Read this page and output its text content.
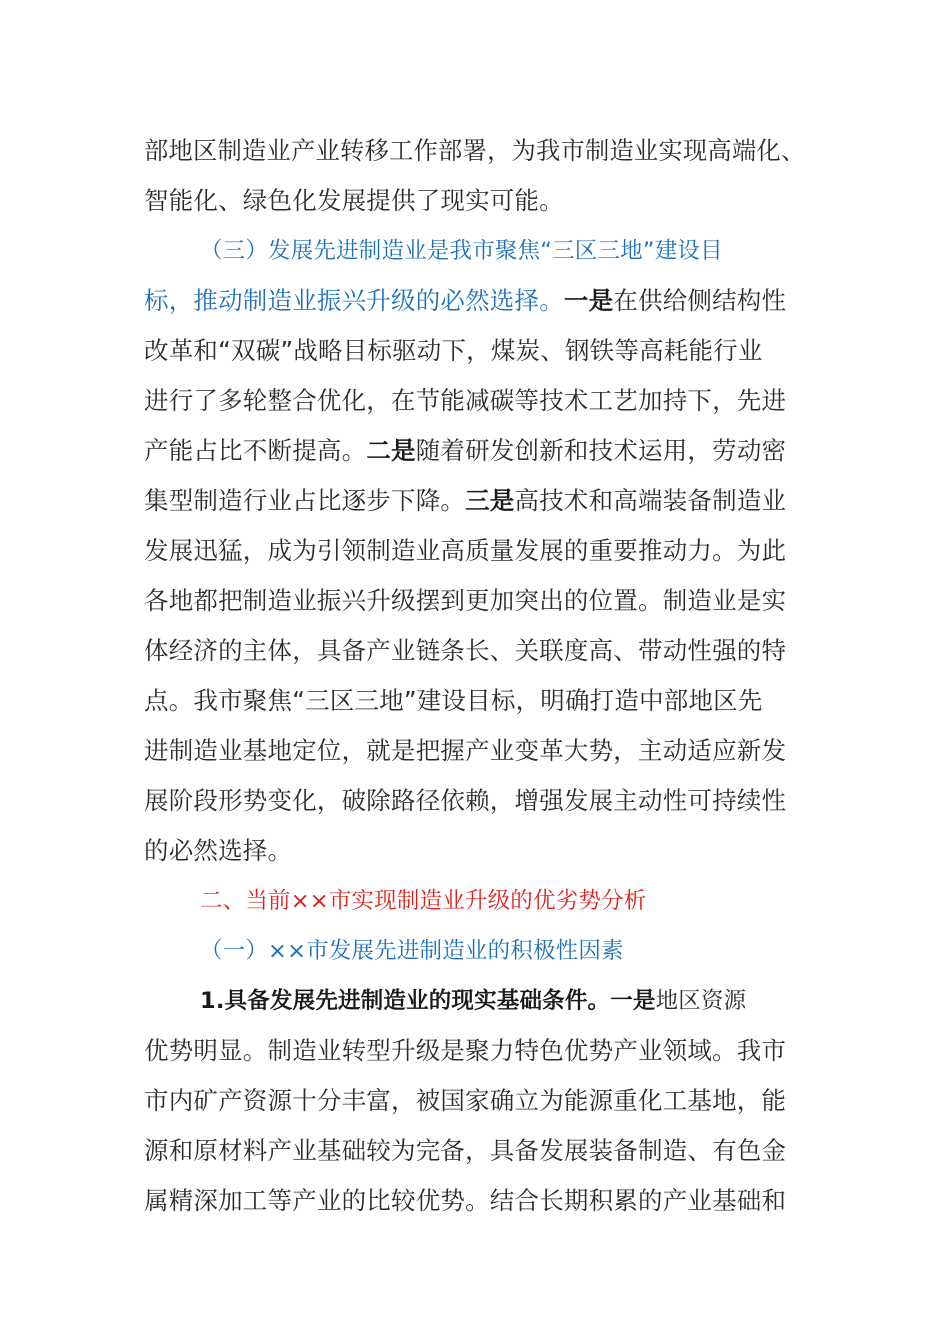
部地区制造业产业转移工作部署，为我市制造业实现高端化、
智能化、绿色化发展提供了现实可能。
（三）发展先进制造业是我市聚焦“三区三地”建设目
标，推动制造业振兴升级的必然选择。一是在供给侧结构性
改革和“双碳”战略目标驱动下，煤炭、钢铁等高耗能行业
进行了多轮整合优化，在节能减碳等技术工艺加持下，先进
产能占比不断提高。二是随着研发创新和技术运用，劳动密
集型制造行业占比逐步下降。三是高技术和高端装备制造业
发展迅猛，成为引领制造业高质量发展的重要推动力。为此
各地都把制造业振兴升级摆到更加突出的位置。制造业是实
体经济的主体，具备产业链条长、关联度高、带动性强的特
点。我市聚焦“三区三地”建设目标，明确打造中部地区先
进制造业基地定位，就是把握产业变革大势，主动适应新发
展阶段形势变化，破除路径依赖，增强发展主动性可持续性
的必然选择。
二、当前××市实现制造业升级的优劣势分析
（一）××市发展先进制造业的积极性因素
1.具备发展先进制造业的现实基础条件。一是地区资源
优势明显。制造业转型升级是聚力特色优势产业领域。我市
市内矿产资源十分丰富，被国家确立为能源重化工基地，能
源和原材料产业基础较为完备，具备发展装备制造、有色金
属精深加工等产业的比较优势。结合长期积累的产业基础和
